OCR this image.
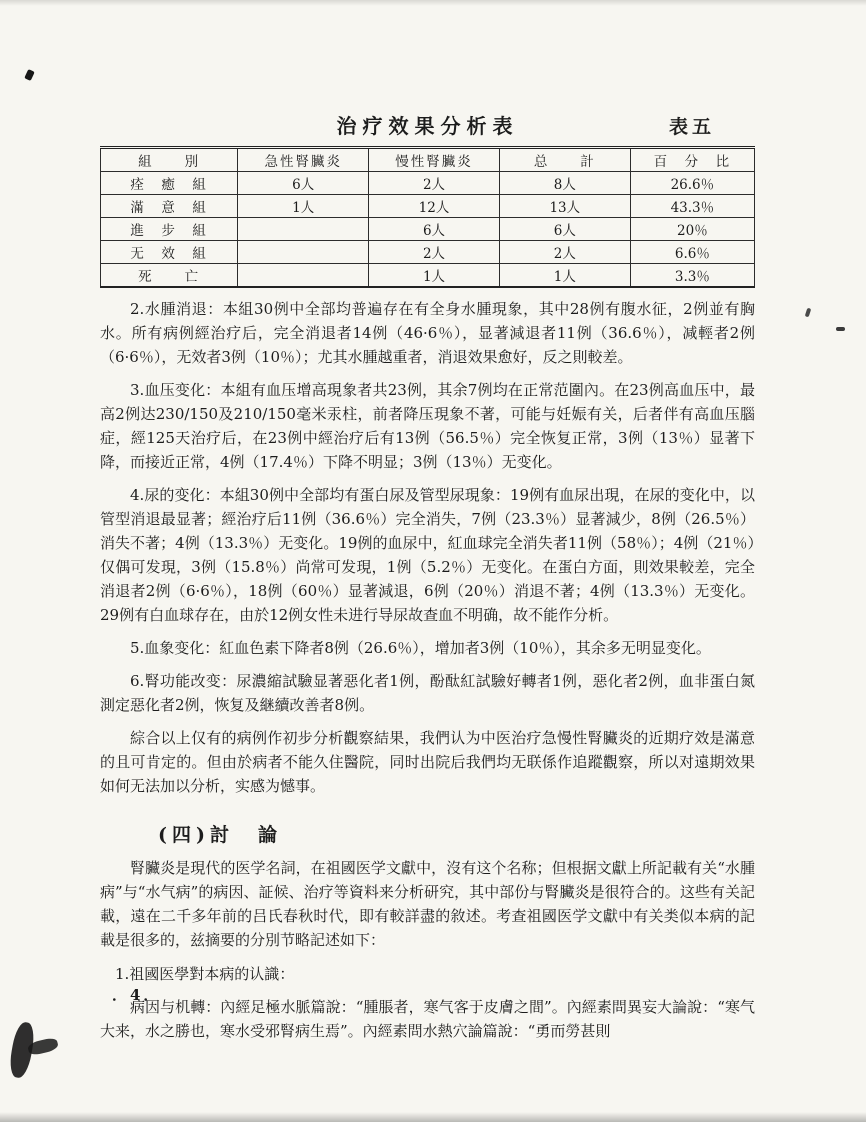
治疗效果分析表	表五
組　　別	急性腎臟炎	慢性腎臟炎	总　　計	百　分　比
痊　癒　組	6人	2人	8人	26.6％
滿　意　組	1人	12人	13人	43.3％
進　步　組		6人	6人	20％
无　效　組		2人	2人	6.6％
死　　亡		1人	1人	3.3％

2.水腫消退：本組30例中全部均普遍存在有全身水腫現象，其中28例有腹水征，2例並有胸水。所有病例經治疗后，完全消退者14例（46·6％），显著減退者11例（36.6％），减輕者2例（6·6％），无效者3例（10％）；尤其水腫越重者，消退效果愈好，反之則較差。

3.血压变化：本組有血压增高現象者共23例，其余7例均在正常范圍內。在23例高血压中，最高2例达230/150及210/150毫米汞柱，前者降压現象不著，可能与妊娠有关，后者伴有高血压腦症，經125天治疗后，在23例中經治疗后有13例（56.5％）完全恢复正常，3例（13％）显著下降，而接近正常，4例（17.4％）下降不明显；3例（13％）无变化。

4.尿的变化：本組30例中全部均有蛋白尿及管型尿現象：19例有血尿出現，在尿的变化中，以管型消退最显著；經治疗后11例（36.6％）完全消失，7例（23.3％）显著減少，8例（26.5％）消失不著；4例（13.3％）无变化。19例的血尿中，紅血球完全消失者11例（58％）；4例（21％）仅偶可发現，3例（15.8％）尚常可发現，1例（5.2％）无变化。在蛋白方面，則效果較差，完全消退者2例（6·6％），18例（60％）显著減退，6例（20％）消退不著；4例（13.3％）无变化。29例有白血球存在，由於12例女性未进行导尿故查血不明确，故不能作分析。

5.血象变化：紅血色素下降者8例（26.6％），增加者3例（10％），其余多无明显变化。

6.腎功能改变：尿濃縮試驗显著惡化者1例，酚酞紅試驗好轉者1例，惡化者2例，血非蛋白氮測定惡化者2例，恢复及継續改善者8例。

綜合以上仅有的病例作初步分析觀察結果，我們认为中医治疗急慢性腎臟炎的近期疗效是滿意的且可肯定的。但由於病者不能久住醫院，同时出院后我們均无联係作追蹤觀察，所以对遠期效果如何无法加以分析，实感为憾事。

(四)討　論

腎臟炎是現代的医学名詞，在祖國医学文獻中，沒有这个名称；但根据文獻上所記載有关“水腫病”与“水气病”的病因、証候、治疗等資料来分析研究，其中部份与腎臟炎是很符合的。这些有关記載，遠在二千多年前的吕氏春秋时代，即有較詳盡的敘述。考查祖國医学文獻中有关类似本病的記載是很多的，兹摘要的分別节略記述如下：

1.祖國医學對本病的认識：

病因与机轉：內經足極水脈篇說：“腫脹者，寒气客于皮膚之間”。內經素問異妄大論說：“寒气大来，水之勝也，寒水受邪腎病生焉”。內經素問水熱穴論篇說：“勇而勞甚則

．4．
